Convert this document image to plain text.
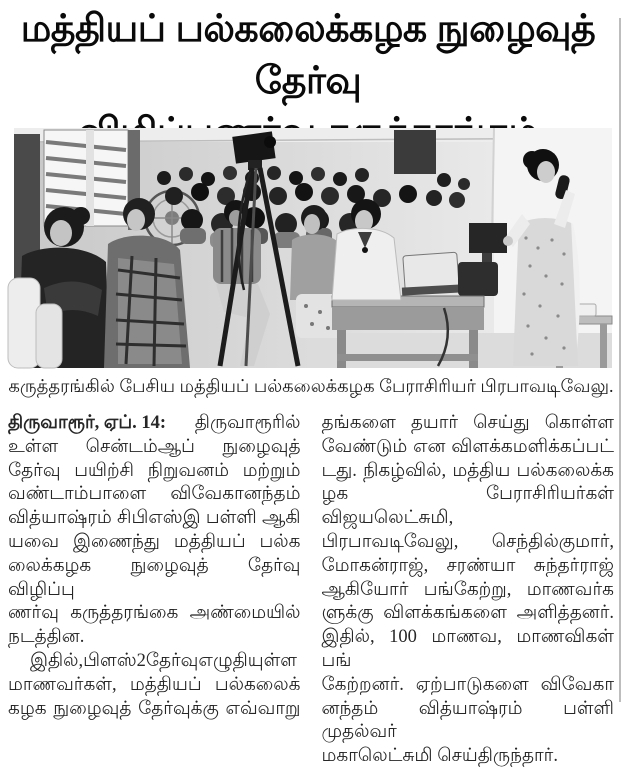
மத்தியப் பல்கலைக்கழக நுழைவுத் தேர்வு
கருத்தரங்கில் பேசிய மத்தியப் பல்கலைக்கழக பேராசிரியர் பிரபாவடிவேலு.
திருவாரூர், ஏப். 14: திருவாரூரில்
உள்ள சென்டம்ஆப் நுழைவுத்
தேர்வு பயிற்சி நிறுவனம் மற்றும்
வண்டாம்பாளை விவேகானந்தம்
வித்யாஷ்ரம் சிபிஎஸ்இ பள்ளி ஆகி
யவை இணைந்து மத்தியப் பல்க
லைக்கழக நுழைவுத் தேர்வு விழிப்பு
ணர்வு கருத்தரங்கை அண்மையில்
நடத்தின.
இதில்,பிளஸ்2தேர்வுஎழுதியுள்ள
மாணவர்கள், மத்தியப் பல்கலைக்
கழக நுழைவுத் தேர்வுக்கு எவ்வாறு
தங்களை தயார் செய்து கொள்ள
வேண்டும் என விளக்கமளிக்கப்பட்
டது. நிகழ்வில், மத்திய பல்கலைக்க
ழக பேராசிரியர்கள் விஜயலெட்சுமி,
பிரபாவடிவேலு, செந்தில்குமார்,
மோகன்ராஜ், சரண்யா சுந்தர்ராஜ்
ஆகியோர் பங்கேற்று, மாணவர்க
ளுக்கு விளக்கங்களை அளித்தனர்.
இதில், 100 மாணவ, மாணவிகள் பங்
கேற்றனர். ஏற்பாடுகளை விவேகா
னந்தம் வித்யாஷ்ரம் பள்ளி முதல்வர்
மகாலெட்சுமி செய்திருந்தார்.
